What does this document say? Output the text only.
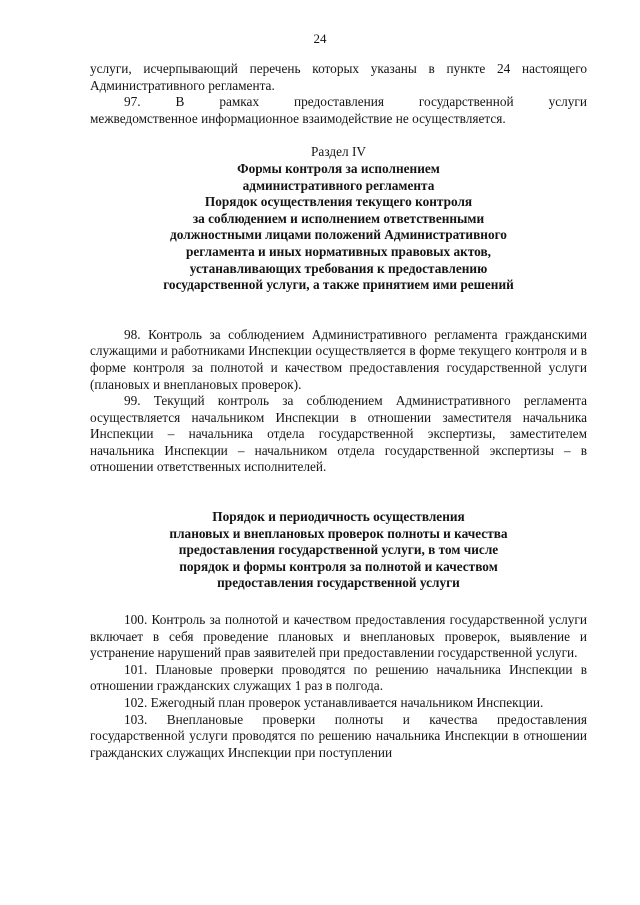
24

услуги, исчерпывающий перечень которых указаны в пункте 24 настоящего

Административного регламента.

97. В рамках предоставления государственной услуги

межведомственное информационное взаимодействие не осуществляется.

Раздел IV
Формы контроля за исполнением
административного регламента
Порядок осуществления текущего контроля
за соблюдением и исполнением ответственными
должностными лицами положений Административного
регламента и иных нормативных правовых актов,
устанавливающих требования к предоставлению
государственной услуги, а также принятием ими решений

98. Контроль за соблюдением Административного регламента гражданскими служащими и работниками Инспекции осуществляется в форме текущего контроля и в форме контроля за полнотой и качеством предоставления государственной услуги (плановых и внеплановых проверок).

99. Текущий контроль за соблюдением Административного регламента осуществляется начальником Инспекции в отношении заместителя начальника Инспекции – начальника отдела государственной экспертизы, заместителем начальника Инспекции – начальником отдела государственной экспертизы – в отношении ответственных исполнителей.

Порядок и периодичность осуществления
плановых и внеплановых проверок полноты и качества
предоставления государственной услуги, в том числе
порядок и формы контроля за полнотой и качеством
предоставления государственной услуги

100. Контроль за полнотой и качеством предоставления государственной услуги включает в себя проведение плановых и внеплановых проверок, выявление и устранение нарушений прав заявителей при предоставлении государственной услуги.

101. Плановые проверки проводятся по решению начальника Инспекции в отношении гражданских служащих 1 раз в полгода.

102. Ежегодный план проверок устанавливается начальником Инспекции.

103. Внеплановые проверки полноты и качества предоставления государственной услуги проводятся по решению начальника Инспекции в отношении гражданских служащих Инспекции при поступлении
